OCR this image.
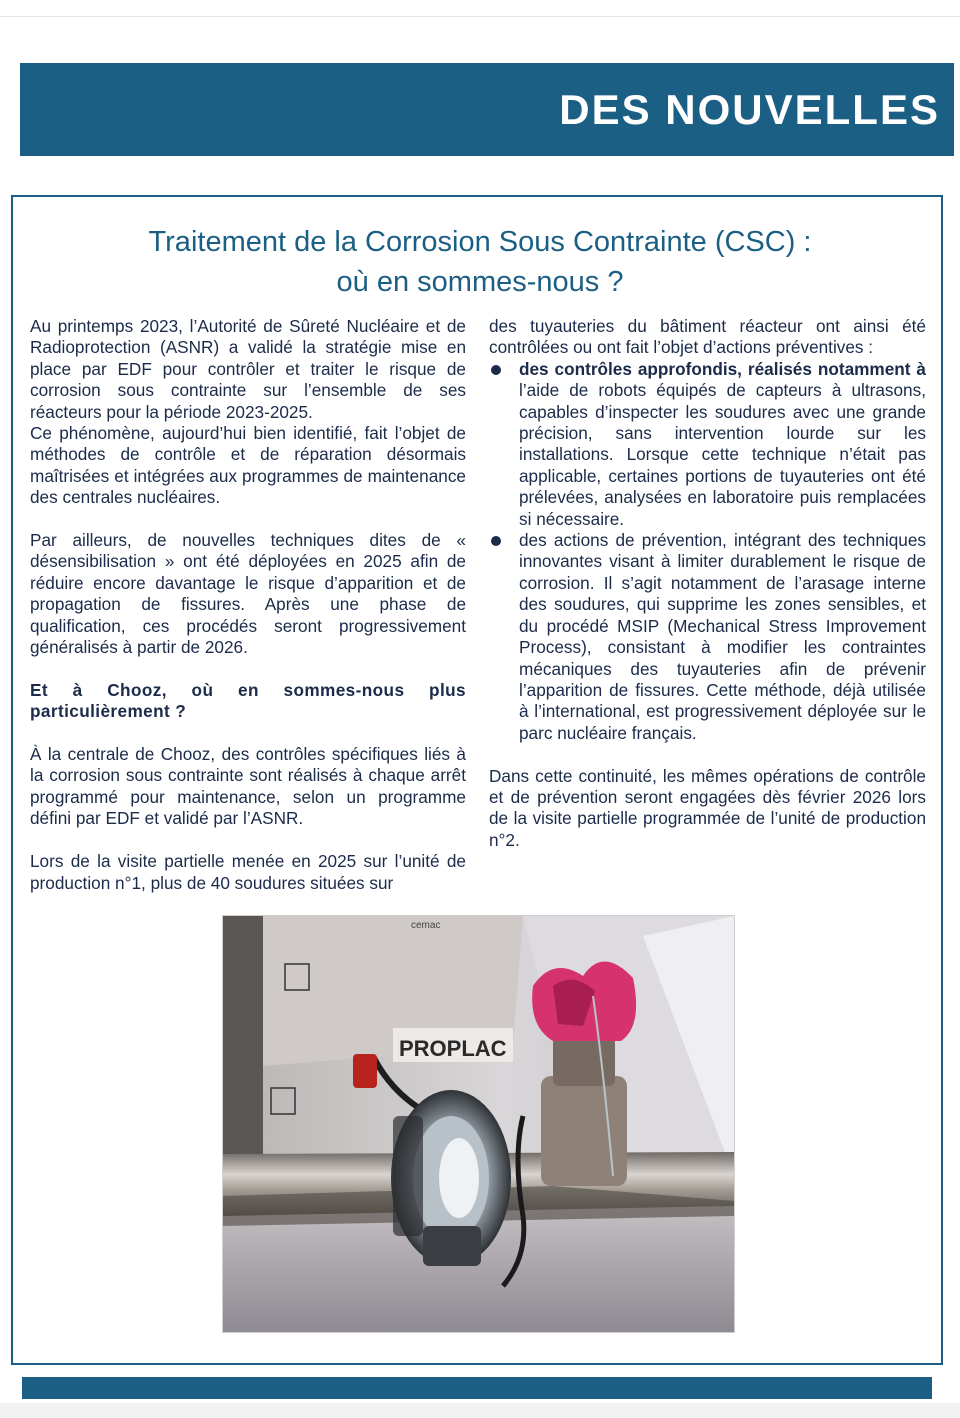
DES NOUVELLES
Traitement de la Corrosion Sous Contrainte (CSC) :
où en sommes-nous ?

Au printemps 2023, l’Autorité de Sûreté Nucléaire et de Radioprotection (ASNR) a validé la stratégie mise en place par EDF pour contrôler et traiter le risque de corrosion sous contrainte sur l’ensemble de ses réacteurs pour la période 2023-2025.

Ce phénomène, aujourd’hui bien identifié, fait l’objet de méthodes de contrôle et de réparation désormais maîtrisées et intégrées aux programmes de maintenance des centrales nucléaires.

Par ailleurs, de nouvelles techniques dites de « désensibilisation » ont été déployées en 2025 afin de réduire encore davantage le risque d’apparition et de propagation de fissures. Après une phase de qualification, ces procédés seront progressivement généralisés à partir de 2026.

Et à Chooz, où en sommes-nous plus particulièrement ?

À la centrale de Chooz, des contrôles spécifiques liés à la corrosion sous contrainte sont réalisés à chaque arrêt programmé pour maintenance, selon un programme défini par EDF et validé par l’ASNR.

Lors de la visite partielle menée en 2025 sur l’unité de production n°1, plus de 40 soudures situées sur

des tuyauteries du bâtiment réacteur ont ainsi été contrôlées ou ont fait l’objet d’actions préventives :

des contrôles approfondis, réalisés notamment à l’aide de robots équipés de capteurs à ultrasons, capables d’inspecter les soudures avec une grande précision, sans intervention lourde sur les installations. Lorsque cette technique n’était pas applicable, certaines portions de tuyauteries ont été prélevées, analysées en laboratoire puis remplacées si nécessaire.
des actions de prévention, intégrant des techniques innovantes visant à limiter durablement le risque de corrosion. Il s’agit notamment de l’arasage interne des soudures, qui supprime les zones sensibles, et du procédé MSIP (Mechanical Stress Improvement Process), consistant à modifier les contraintes mécaniques des tuyauteries afin de prévenir l’apparition de fissures. Cette méthode, déjà utilisée à l’international, est progressivement déployée sur le parc nucléaire français.

Dans cette continuité, les mêmes opérations de contrôle et de prévention seront engagées dès février 2026 lors de la visite partielle programmée de l’unité de production n°2.

PROPLAC
cemac
